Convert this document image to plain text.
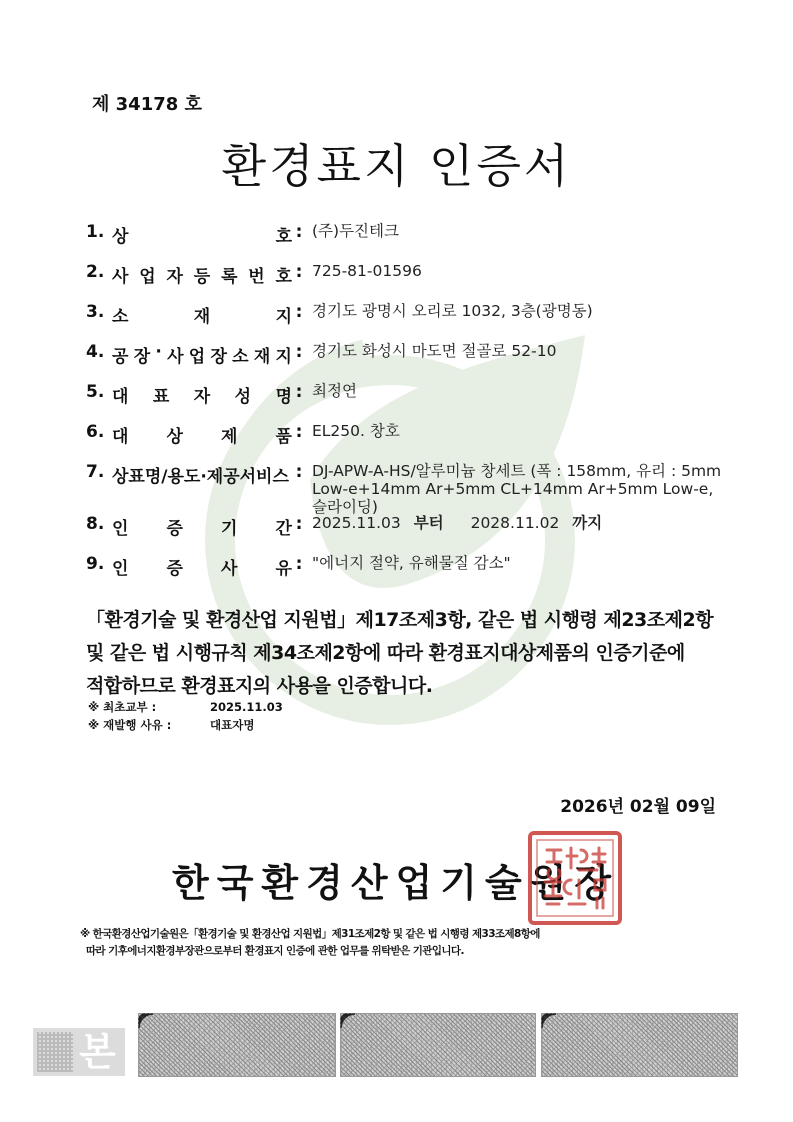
제 34178 호
환경표지 인증서
1. 상	호 : (주)두진테크
2. 사 업 자 등 록 번 호 : 725-81-01596
3. 소	재	지 : 경기도 광명시 오리로 1032, 3층(광명동)
4. 공 장 · 사 업 장 소 재 지 : 경기도 화성시 마도면 절골로 52-10
5. 대 표 자 성 명 : 최정연
6. 대 상 제 품 : EL250. 창호
7. 상표명/용도·제공서비스 : DJ-APW-A-HS/알루미늄 창세트 (폭 : 158mm, 유리 : 5mm Low-e+14mm Ar+5mm CL+14mm Ar+5mm Low-e, 슬라이딩)
8. 인 증 기 간 : 2025.11.03 부터 2028.11.02 까지
9. 인 증 사 유 : "에너지 절약, 유해물질 감소"
「환경기술 및 환경산업 지원법」제17조제3항, 같은 법 시행령 제23조제2항
및 같은 법 시행규칙 제34조제2항에 따라 환경표지대상제품의 인증기준에
적합하므로 환경표지의 사용을 인증합니다.
※ 최초교부 :	2025.11.03
※ 재발행 사유 :	대표자명
2026년 02월 09일
한국환경산업기술원장
※ 한국환경산업기술원은「환경기술 및 환경산업 지원법」제31조제2항 및 같은 법 시행령 제33조제8항에
따라 기후에너지환경부장관으로부터 환경표지 인증에 관한 업무를 위탁받은 기관입니다.
본
